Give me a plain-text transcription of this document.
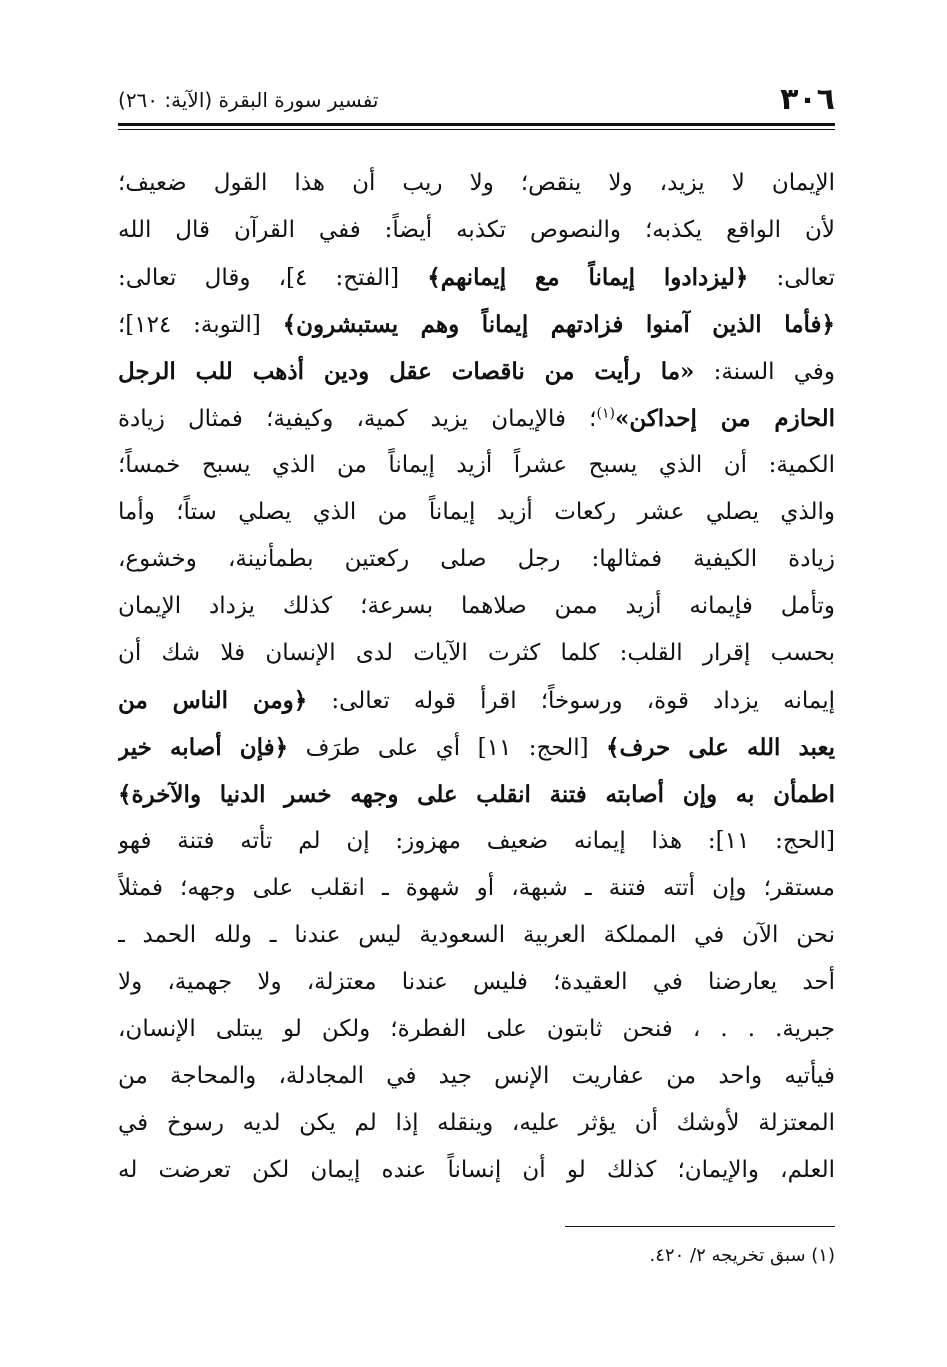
٣٠٦
تفسير سورة البقرة (الآية: ٢٦٠)
الإيمان لا يزيد، ولا ينقص؛ ولا ريب أن هذا القول ضعيف؛
لأن الواقع يكذبه؛ والنصوص تكذبه أيضاً: ففي القرآن قال الله
تعالى: ﴿ليزدادوا إيماناً مع إيمانهم﴾ [الفتح: ٤]، وقال تعالى:
﴿فأما الذين آمنوا فزادتهم إيماناً وهم يستبشرون﴾ [التوبة: ١٢٤]؛
وفي السنة: «ما رأيت من ناقصات عقل ودين أذهب للب الرجل
الحازم من إحداكن»$^{(١)}$؛ فالإيمان يزيد كمية، وكيفية؛ فمثال زيادة
الكمية: أن الذي يسبح عشراً أزيد إيماناً من الذي يسبح خمساً؛
والذي يصلي عشر ركعات أزيد إيماناً من الذي يصلي ستاً؛ وأما
زيادة الكيفية فمثالها: رجل صلى ركعتين بطمأنينة، وخشوع،
وتأمل فإيمانه أزيد ممن صلاهما بسرعة؛ كذلك يزداد الإيمان
بحسب إقرار القلب: كلما كثرت الآيات لدى الإنسان فلا شك أن
إيمانه يزداد قوة، ورسوخاً؛ اقرأ قوله تعالى: ﴿ومن الناس من
يعبد الله على حرف﴾ [الحج: ١١] أي على طرَف ﴿فإن أصابه خير
اطمأن به وإن أصابته فتنة انقلب على وجهه خسر الدنيا والآخرة﴾
[الحج: ١١]: هذا إيمانه ضعيف مهزوز: إن لم تأته فتنة فهو
مستقر؛ وإن أتته فتنة ـ شبهة، أو شهوة ـ انقلب على وجهه؛ فمثلاً
نحن الآن في المملكة العربية السعودية ليس عندنا ـ ولله الحمد ـ
أحد يعارضنا في العقيدة؛ فليس عندنا معتزلة، ولا جهمية، ولا
جبرية. . . ، فنحن ثابتون على الفطرة؛ ولكن لو يبتلى الإنسان،
فيأتيه واحد من عفاريت الإنس جيد في المجادلة، والمحاجة من
المعتزلة لأوشك أن يؤثر عليه، وينقله إذا لم يكن لديه رسوخ في
العلم، والإيمان؛ كذلك لو أن إنساناً عنده إيمان لكن تعرضت له
(١) سبق تخريجه ٢/ ٤٢٠.
